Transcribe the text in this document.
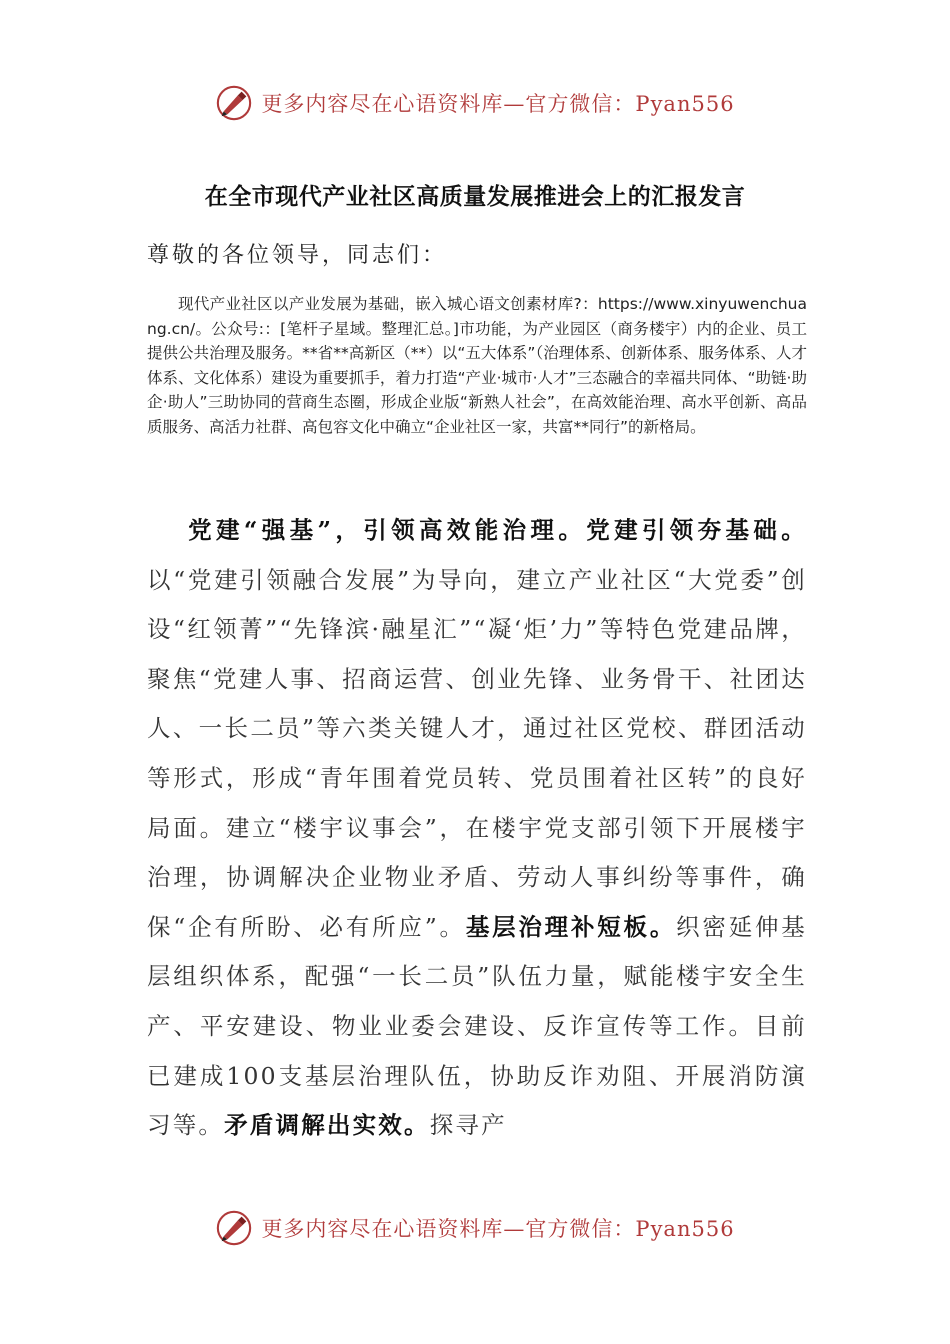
更多内容尽在心语资料库—官方微信：Pyan556
在全市现代产业社区高质量发展推进会上的汇报发言

尊敬的各位领导，同志们：

现代产业社区以产业发展为基础，嵌入城心语文创素材库?：https://www.xinyuwenchuang.cn/。公众号:：[笔杆子星域。整理汇总。]市功能，为产业园区（商务楼宇）内的企业、员工提供公共治理及服务。**省**高新区（**）以“五大体系”（治理体系、创新体系、服务体系、人才体系、文化体系）建设为重要抓手，着力打造“产业·城市·人才”三态融合的幸福共同体、“助链·助企·助人”三助协同的营商生态圈，形成企业版“新熟人社会”，在高效能治理、高水平创新、高品质服务、高活力社群、高包容文化中确立“企业社区一家，共富**同行”的新格局。

党建“强基”，引领高效能治理。党建引领夯基础。以“党建引领融合发展”为导向，建立产业社区“大党委”创设“红领菁”“先锋滨·融星汇”“凝‘炬’力”等特色党建品牌，聚焦“党建人事、招商运营、创业先锋、业务骨干、社团达人、一长二员”等六类关键人才，通过社区党校、群团活动等形式，形成“青年围着党员转、党员围着社区转”的良好局面。建立“楼宇议事会”，在楼宇党支部引领下开展楼宇治理，协调解决企业物业矛盾、劳动人事纠纷等事件，确保“企有所盼、必有所应”。基层治理补短板。织密延伸基层组织体系，配强“一长二员”队伍力量，赋能楼宇安全生产、平安建设、物业业委会建设、反诈宣传等工作。目前已建成100支基层治理队伍，协助反诈劝阻、开展消防演习等。矛盾调解出实效。探寻产

更多内容尽在心语资料库—官方微信：Pyan556
